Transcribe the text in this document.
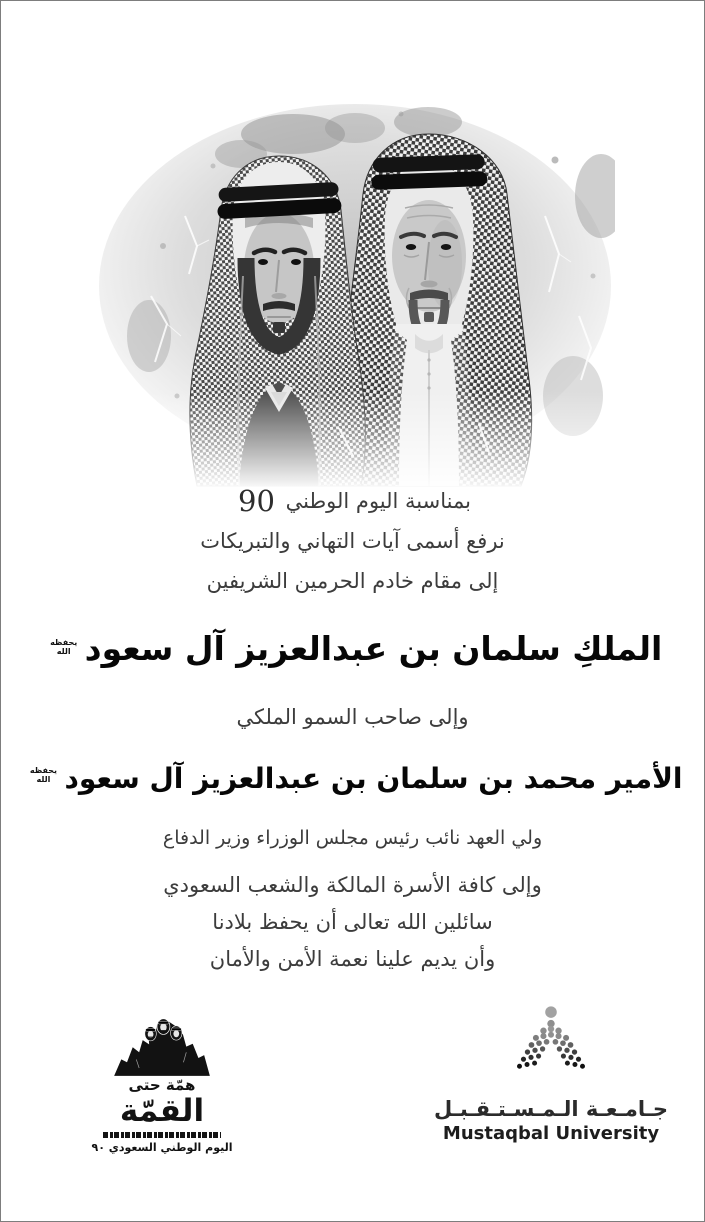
بمناسبة اليوم الوطني 90
نرفع أسمى آيات التهاني والتبريكات
إلى مقام خادم الحرمين الشريفين
الملكِ سلمان بن عبدالعزيز آل سعوديحفظه الله
وإلى صاحب السمو الملكي
الأمير محمد بن سلمان بن عبدالعزيز آل سعوديحفظه الله
ولي العهد نائب رئيس مجلس الوزراء وزير الدفاع
وإلى كافة الأسرة المالكة والشعب السعودي
سائلين الله تعالى أن يحفظ بلادنا
وأن يديم علينا نعمة الأمن والأمان
همّة حتى
القمّة
اليوم الوطني السعودي ٩٠
جـامـعـة الـمـسـتـقـبـل
Mustaqbal University
